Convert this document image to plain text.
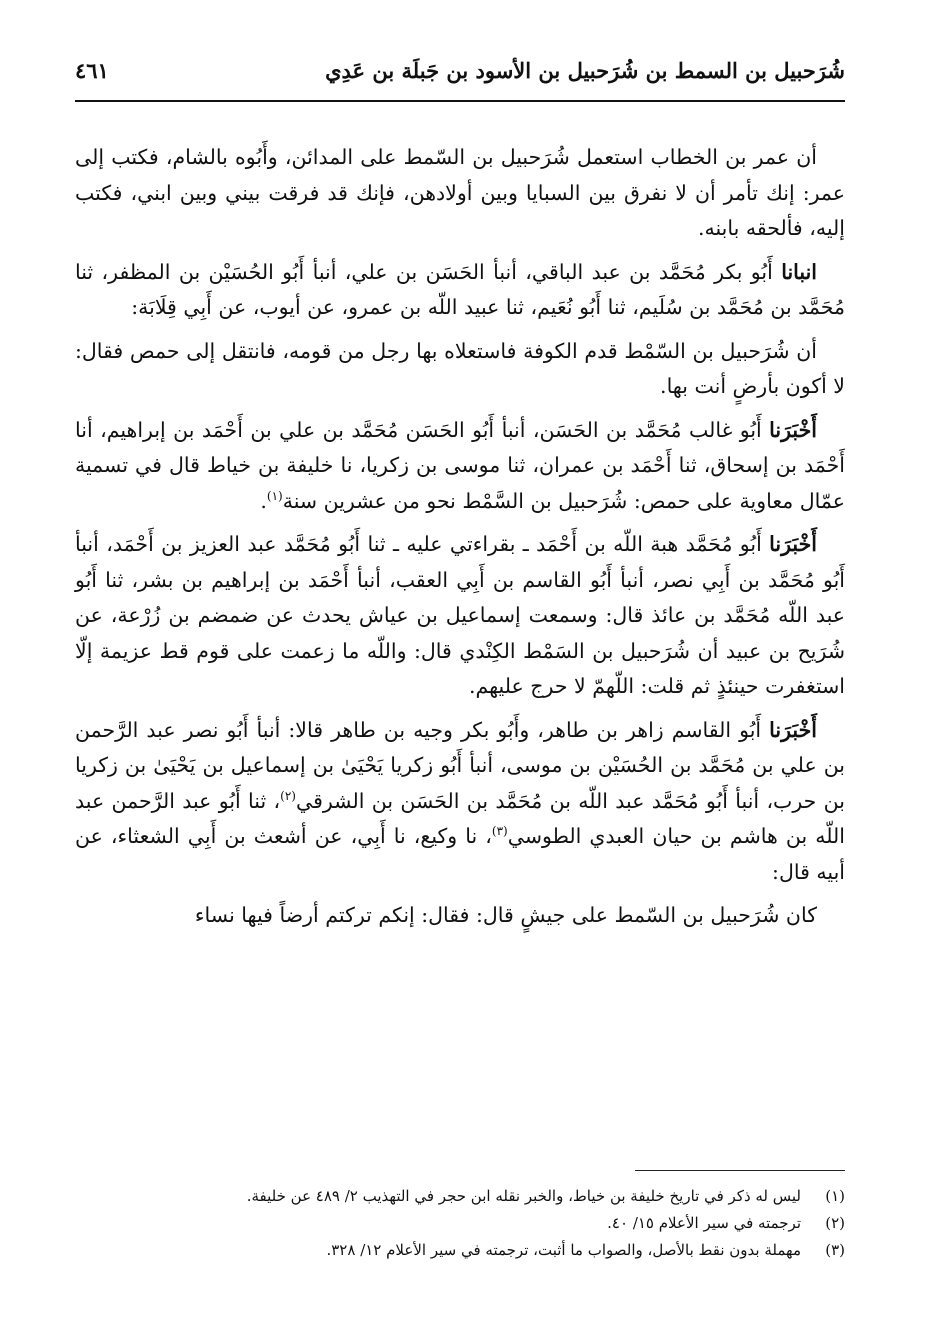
شُرَحبيل بن السمط بن شُرَحبيل بن الأسود بن جَبلَة بن عَدِي
٤٦١

أن عمر بن الخطاب استعمل شُرَحبيل بن السّمط على المدائن، وأَبُوه بالشام، فكتب إلى عمر: إنك تأمر أن لا نفرق بين السبايا وبين أولادهن، فإنك قد فرقت بيني وبين ابني، فكتب إليه، فألحقه بابنه.

انبانا أَبُو بكر مُحَمَّد بن عبد الباقي، أنبأ الحَسَن بن علي، أنبأ أَبُو الحُسَيْن بن المظفر، ثنا مُحَمَّد بن مُحَمَّد بن سُلَيم، ثنا أَبُو نُعَيم، ثنا عبيد اللّه بن عمرو، عن أيوب، عن أَبِي قِلَابَة:

أن شُرَحبيل بن السّمْط قدم الكوفة فاستعلاه بها رجل من قومه، فانتقل إلى حمص فقال: لا أكون بأرضٍ أنت بها.

أَخْبَرَنا أَبُو غالب مُحَمَّد بن الحَسَن، أنبأ أَبُو الحَسَن مُحَمَّد بن علي بن أَحْمَد بن إبراهيم، أنا أَحْمَد بن إسحاق، ثنا أَحْمَد بن عمران، ثنا موسى بن زكريا، نا خليفة بن خياط قال في تسمية عمّال معاوية على حمص: شُرَحبيل بن السَّمْط نحو من عشرين سنة$^{(١)}$.

أَخْبَرَنا أَبُو مُحَمَّد هبة اللّه بن أَحْمَد ـ بقراءتي عليه ـ ثنا أَبُو مُحَمَّد عبد العزيز بن أَحْمَد، أنبأ أَبُو مُحَمَّد بن أَبِي نصر، أنبأ أَبُو القاسم بن أَبِي العقب، أنبأ أَحْمَد بن إبراهيم بن بشر، ثنا أَبُو عبد اللّه مُحَمَّد بن عائذ قال: وسمعت إسماعيل بن عياش يحدث عن ضمضم بن زُرْعة، عن شُرَيح بن عبيد أن شُرَحبيل بن السَمْط الكِنْدي قال: واللّه ما زعمت على قوم قط عزيمة إلّا استغفرت حينئذٍ ثم قلت: اللّهمّ لا حرج عليهم.

أَخْبَرَنا أَبُو القاسم زاهر بن طاهر، وأَبُو بكر وجيه بن طاهر قالا: أنبأ أَبُو نصر عبد الرَّحمن بن علي بن مُحَمَّد بن الحُسَيْن بن موسى، أنبأ أَبُو زكريا يَحْيَىٰ بن إسماعيل بن يَحْيَىٰ بن زكريا بن حرب، أنبأ أَبُو مُحَمَّد عبد اللّه بن مُحَمَّد بن الحَسَن بن الشرقي$^{(٢)}$، ثنا أَبُو عبد الرَّحمن عبد اللّه بن هاشم بن حيان العبدي الطوسي$^{(٣)}$، نا وكيع، نا أَبِي، عن أشعث بن أَبِي الشعثاء، عن أبيه قال:

كان شُرَحبيل بن السّمط على جيشٍ قال: فقال: إنكم تركتم أرضاً فيها نساء

(١)
ليس له ذكر في تاريخ خليفة بن خياط، والخبر نقله ابن حجر في التهذيب ٢/ ٤٨٩ عن خليفة.
(٢)
ترجمته في سير الأعلام ١٥/ ٤٠.
(٣)
مهملة بدون نقط بالأصل، والصواب ما أثبت، ترجمته في سير الأعلام ١٢/ ٣٢٨.
